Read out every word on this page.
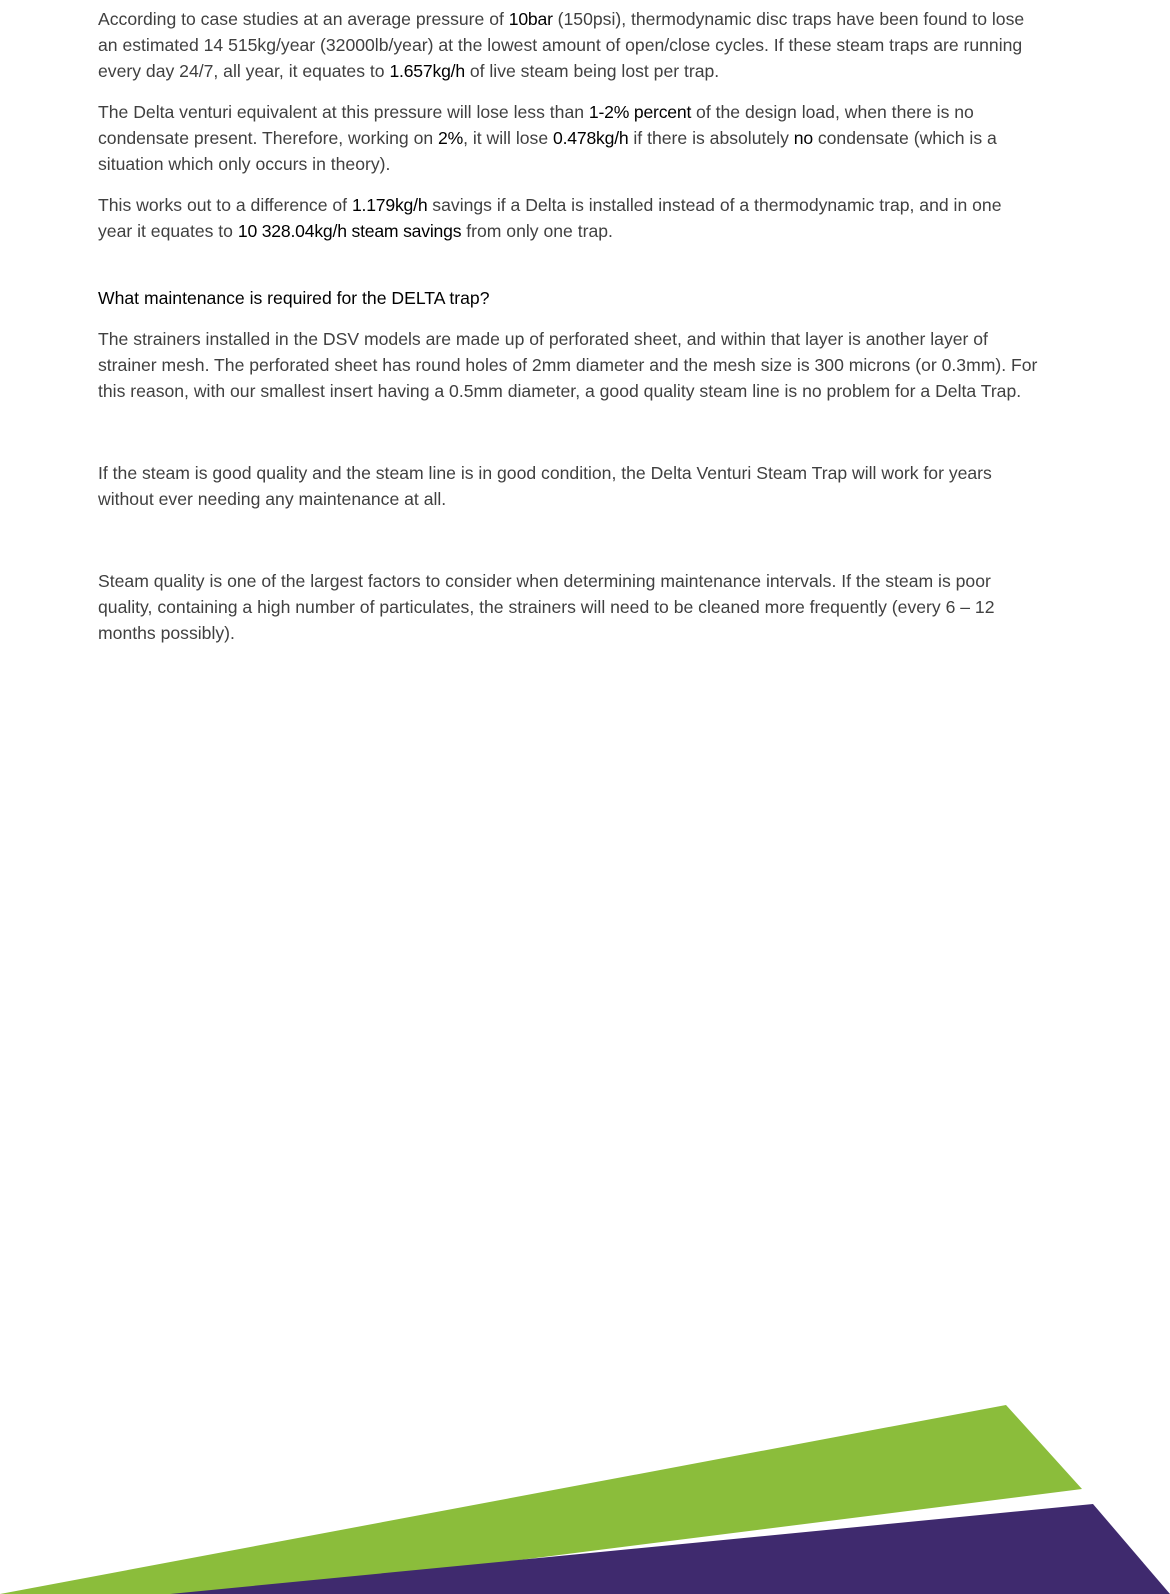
According to case studies at an average pressure of 10bar (150psi), thermodynamic disc traps have been found to lose an estimated 14 515kg/year (32000lb/year) at the lowest amount of open/close cycles. If these steam traps are running every day 24/7, all year, it equates to 1.657kg/h of live steam being lost per trap.

The Delta venturi equivalent at this pressure will lose less than 1-2% percent of the design load, when there is no condensate present. Therefore, working on 2%, it will lose 0.478kg/h if there is absolutely no condensate (which is a situation which only occurs in theory).

This works out to a difference of 1.179kg/h savings if a Delta is installed instead of a thermodynamic trap, and in one year it equates to 10 328.04kg/h steam savings from only one trap.

What maintenance is required for the DELTA trap?

The strainers installed in the DSV models are made up of perforated sheet, and within that layer is another layer of strainer mesh. The perforated sheet has round holes of 2mm diameter and the mesh size is 300 microns (or 0.3mm). For this reason, with our smallest insert having a 0.5mm diameter, a good quality steam line is no problem for a Delta Trap.

If the steam is good quality and the steam line is in good condition, the Delta Venturi Steam Trap will work for years without ever needing any maintenance at all.

Steam quality is one of the largest factors to consider when determining maintenance intervals. If the steam is poor quality, containing a high number of particulates, the strainers will need to be cleaned more frequently (every 6 – 12 months possibly).
